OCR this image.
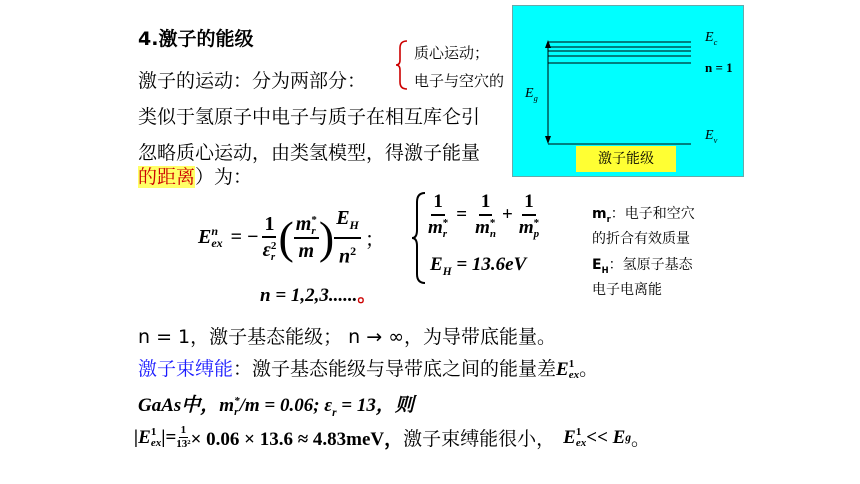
4.激子的能级
激子的运动：分为两部分：
质心运动；
电子与空穴的
类似于氢原子中电子与质子在相互库仑引
忽略质心运动，由类氢模型，得激子能量
的距离）为：
E n
ex = − 1
ε 2
r ( m *
r
m ) $\frac{E_H}{n^2}$ ；
n = 1,2,3......。
1
m *
r = 1
m *
n + 1
m *
p
$E_H = 13.6eV$
$m_r$：电子和空穴
的折合有效质量
$E_H$：氢原子基态
电子电离能
n = 1，激子基态能级； n → ∞，为导带底能量。
激子束缚能：激子基态能级与导带底之间的能量差E 1
ex 。
GaAs中，m *
r /m = 0.06; $\varepsilon_r = 13$，则
|E 1
ex | = $\frac{1}{\text{13²}} \times 0.06 \times 13.6 \approx 4.83meV$， 激子束缚能很小， E 1
ex << E g 。
$E_c$
n = 1
$E_g$
$E_v$
激子能级
